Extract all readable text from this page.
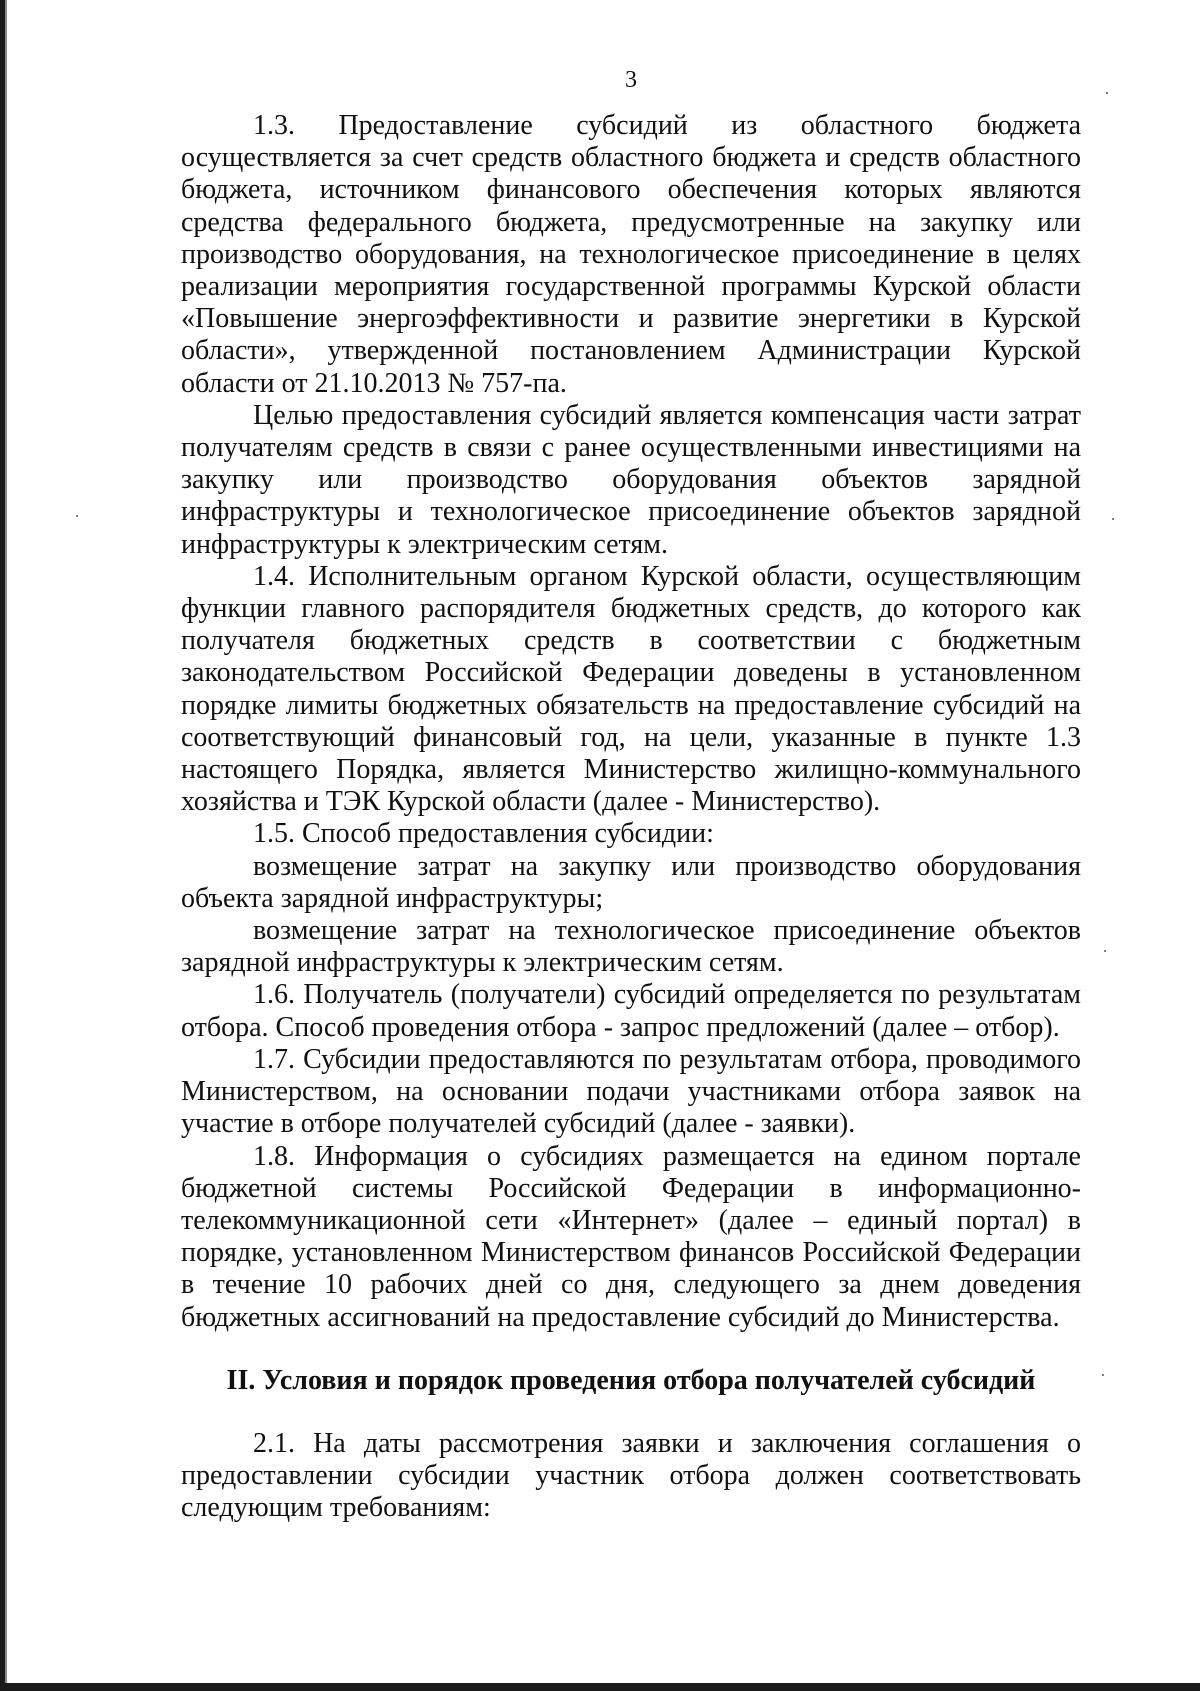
3

1.3. Предоставление субсидий из областного бюджета осуществляется за счет средств областного бюджета и средств областного бюджета, источником финансового обеспечения которых являются средства федерального бюджета, предусмотренные на закупку или производство оборудования, на технологическое присоединение в целях реализации мероприятия государственной программы Курской области «Повышение энергоэффективности и развитие энергетики в Курской области», утвержденной постановлением Администрации Курской области от 21.10.2013 № 757-па.

Целью предоставления субсидий является компенсация части затрат получателям средств в связи с ранее осуществленными инвестициями на закупку или производство оборудования объектов зарядной инфраструктуры и технологическое присоединение объектов зарядной инфраструктуры к электрическим сетям.

1.4. Исполнительным органом Курской области, осуществляющим функции главного распорядителя бюджетных средств, до которого как получателя бюджетных средств в соответствии с бюджетным законодательством Российской Федерации доведены в установленном порядке лимиты бюджетных обязательств на предоставление субсидий на соответствующий финансовый год, на цели, указанные в пункте 1.3 настоящего Порядка, является Министерство жилищно-коммунального хозяйства и ТЭК Курской области (далее - Министерство).

1.5. Способ предоставления субсидии:

возмещение затрат на закупку или производство оборудования объекта зарядной инфраструктуры;

возмещение затрат на технологическое присоединение объектов зарядной инфраструктуры к электрическим сетям.

1.6. Получатель (получатели) субсидий определяется по результатам отбора. Способ проведения отбора - запрос предложений (далее – отбор).

1.7. Субсидии предоставляются по результатам отбора, проводимого Министерством, на основании подачи участниками отбора заявок на участие в отборе получателей субсидий (далее - заявки).

1.8. Информация о субсидиях размещается на едином портале бюджетной системы Российской Федерации в информационно-телекоммуникационной сети «Интернет» (далее – единый портал) в порядке, установленном Министерством финансов Российской Федерации в течение 10 рабочих дней со дня, следующего за днем доведения бюджетных ассигнований на предоставление субсидий до Министерства.

II. Условия и порядок проведения отбора получателей субсидий

2.1. На даты рассмотрения заявки и заключения соглашения о предоставлении субсидии участник отбора должен соответствовать следующим требованиям:
